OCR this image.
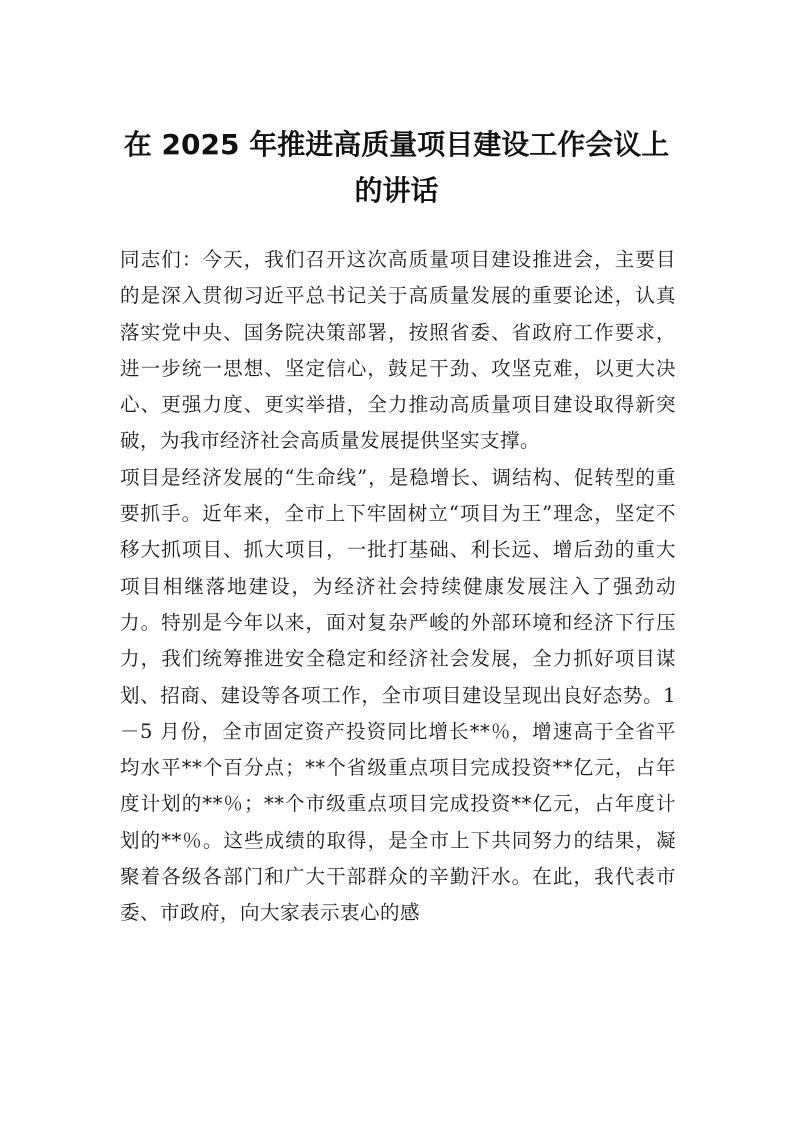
在 2025 年推进高质量项目建设工作会议上
的讲话

同志们：今天，我们召开这次高质量项目建设推进会，主要目的是深入贯彻习近平总书记关于高质量发展的重要论述，认真落实党中央、国务院决策部署，按照省委、省政府工作要求，进一步统一思想、坚定信心，鼓足干劲、攻坚克难，以更大决心、更强力度、更实举措，全力推动高质量项目建设取得新突破，为我市经济社会高质量发展提供坚实支撑。

项目是经济发展的“生命线”，是稳增长、调结构、促转型的重要抓手。近年来，全市上下牢固树立“项目为王”理念，坚定不移大抓项目、抓大项目，一批打基础、利长远、增后劲的重大项目相继落地建设，为经济社会持续健康发展注入了强劲动力。特别是今年以来，面对复杂严峻的外部环境和经济下行压力，我们统筹推进安全稳定和经济社会发展，全力抓好项目谋划、招商、建设等各项工作，全市项目建设呈现出良好态势。1－5 月份，全市固定资产投资同比增长**％，增速高于全省平均水平**个百分点；**个省级重点项目完成投资**亿元，占年度计划的**％；**个市级重点项目完成投资**亿元，占年度计划的**％。这些成绩的取得，是全市上下共同努力的结果，凝聚着各级各部门和广大干部群众的辛勤汗水。在此，我代表市委、市政府，向大家表示衷心的感
